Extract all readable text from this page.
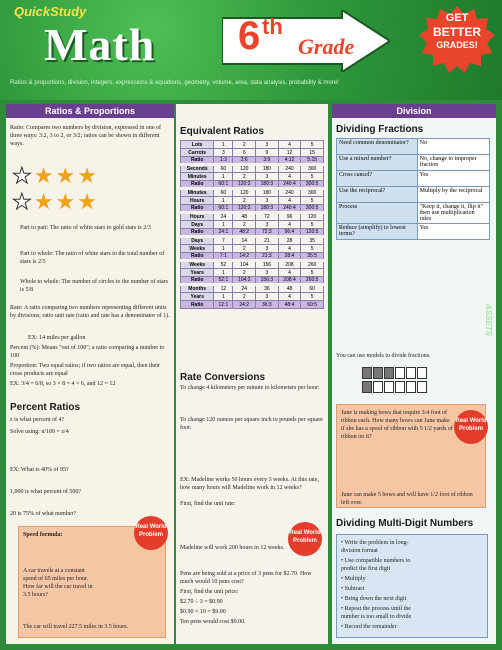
QuickStudy
Math 6 th
Grade
GET
BETTER
GRADES!
Ratios & proportions, division, integers, expressions & equations, geometry, volume, area, data analysis, probability & more!
Ratios & Proportions
Ratio: Compares two numbers by division, expressed in one of three ways: 3:2, 3 to 2, or 3/2; ratios can be shown in different ways.
★★★★
★★★★
Part to part: The ratio of white stars to gold stars is 2/3
Part to whole: The ratio of white stars to the total number of stars is 2/5
Whole to whole: The number of circles to the number of stars is 5/8
Rate: A ratio comparing two numbers representing different units by divisions; ratio unit rate (ratio and rate has a denominator of 1).
EX: 14 miles per gallon
Percent (%): Means "out of 100"; a ratio comparing a number to 100
Proportion: Two equal ratios; if two ratios are equal, then their cross products are equal
EX: 3/4 = 6/8, so 3 × 8 = 4 × 6, and 12 = 12
Percent Ratios
z is what percent of 4?
Solve using: n/100 = z/4
EX: What is 40% of 95?
1,000 is what percent of 500?
20 is 75% of what number?
Speed formula:
A car travels at a constant speed of 65 miles per hour. How far will the car travel in 3.5 hours?
The car will travel 227.5 miles in 3.5 hours.
Real World Problem
Equivalent Ratios
Lots	1	2	3	4	5
Carrots	3	6	9	12	15
Ratio	1:3	2:6	3:9	4:12	5:15
Seconds	60	120	180	240	300
Minutes	1	2	3	4	5
Ratio	60:1	120:2	180:3	240:4	300:5
Minutes	60	120	180	240	300
Hours	1	2	3	4	5
Ratio	60:1	120:2	180:3	240:4	300:5
Hours	24	48	72	96	120
Days	1	2	3	4	5
Ratio	24:1	48:2	72:3	96:4	120:5
Days	7	14	21	28	35
Weeks	1	2	3	4	5
Ratio	7:1	14:2	21:3	28:4	35:5
Weeks	52	104	156	208	260
Years	1	2	3	4	5
Ratio	52:1	104:2	156:3	208:4	260:5
Months	12	24	36	48	60
Years	1	2	3	4	5
Ratio	12:1	24:2	36:3	48:4	60:5
Rate Conversions
To change 4 kilometers per minute to kilometers per hour:
To change 120 ounces per square inch to pounds per square foot:
EX: Madeline works 50 hours every 3 weeks. At this rate, how many hours will Madeline work in 12 weeks?
First, find the unit rate:
Madeline will work 200 hours in 12 weeks.
Pens are being sold at a price of 3 pens for $2.70. How much would 10 pens cost?
First, find the unit price:
$2.70 ÷ 3 = $0.90
$0.90 × 10 = $9.00
Ten pens would cost $9.00.
Real World Problem
Division
Dividing Fractions
Need common denominator?	No
Use a mixed number?	No, change to improper fraction
Cross cancel?	Yes
Use the reciprocal?	Multiply by the reciprocal
Process	"Keep it, change it, flip it" then use multiplication rules
Reduce (simplify) to lowest terms?	Yes
You can use models to divide fractions.
June is making bows that require 3/4 foot of ribbon each. How many bows can June make if she has a spool of ribbon with 5 1/2 yards of ribbon on it?
June can make 5 bows and will have 1/2 foot of ribbon left over.
Real World Problem
Dividing Multi-Digit Numbers
• Write the problem in long-division format
• Use compatible numbers to predict the first digit
• Multiply
• Subtract
• Bring down the next digit
• Repeat the process until the number is too small to divide
• Record the remainder
ASSETS
